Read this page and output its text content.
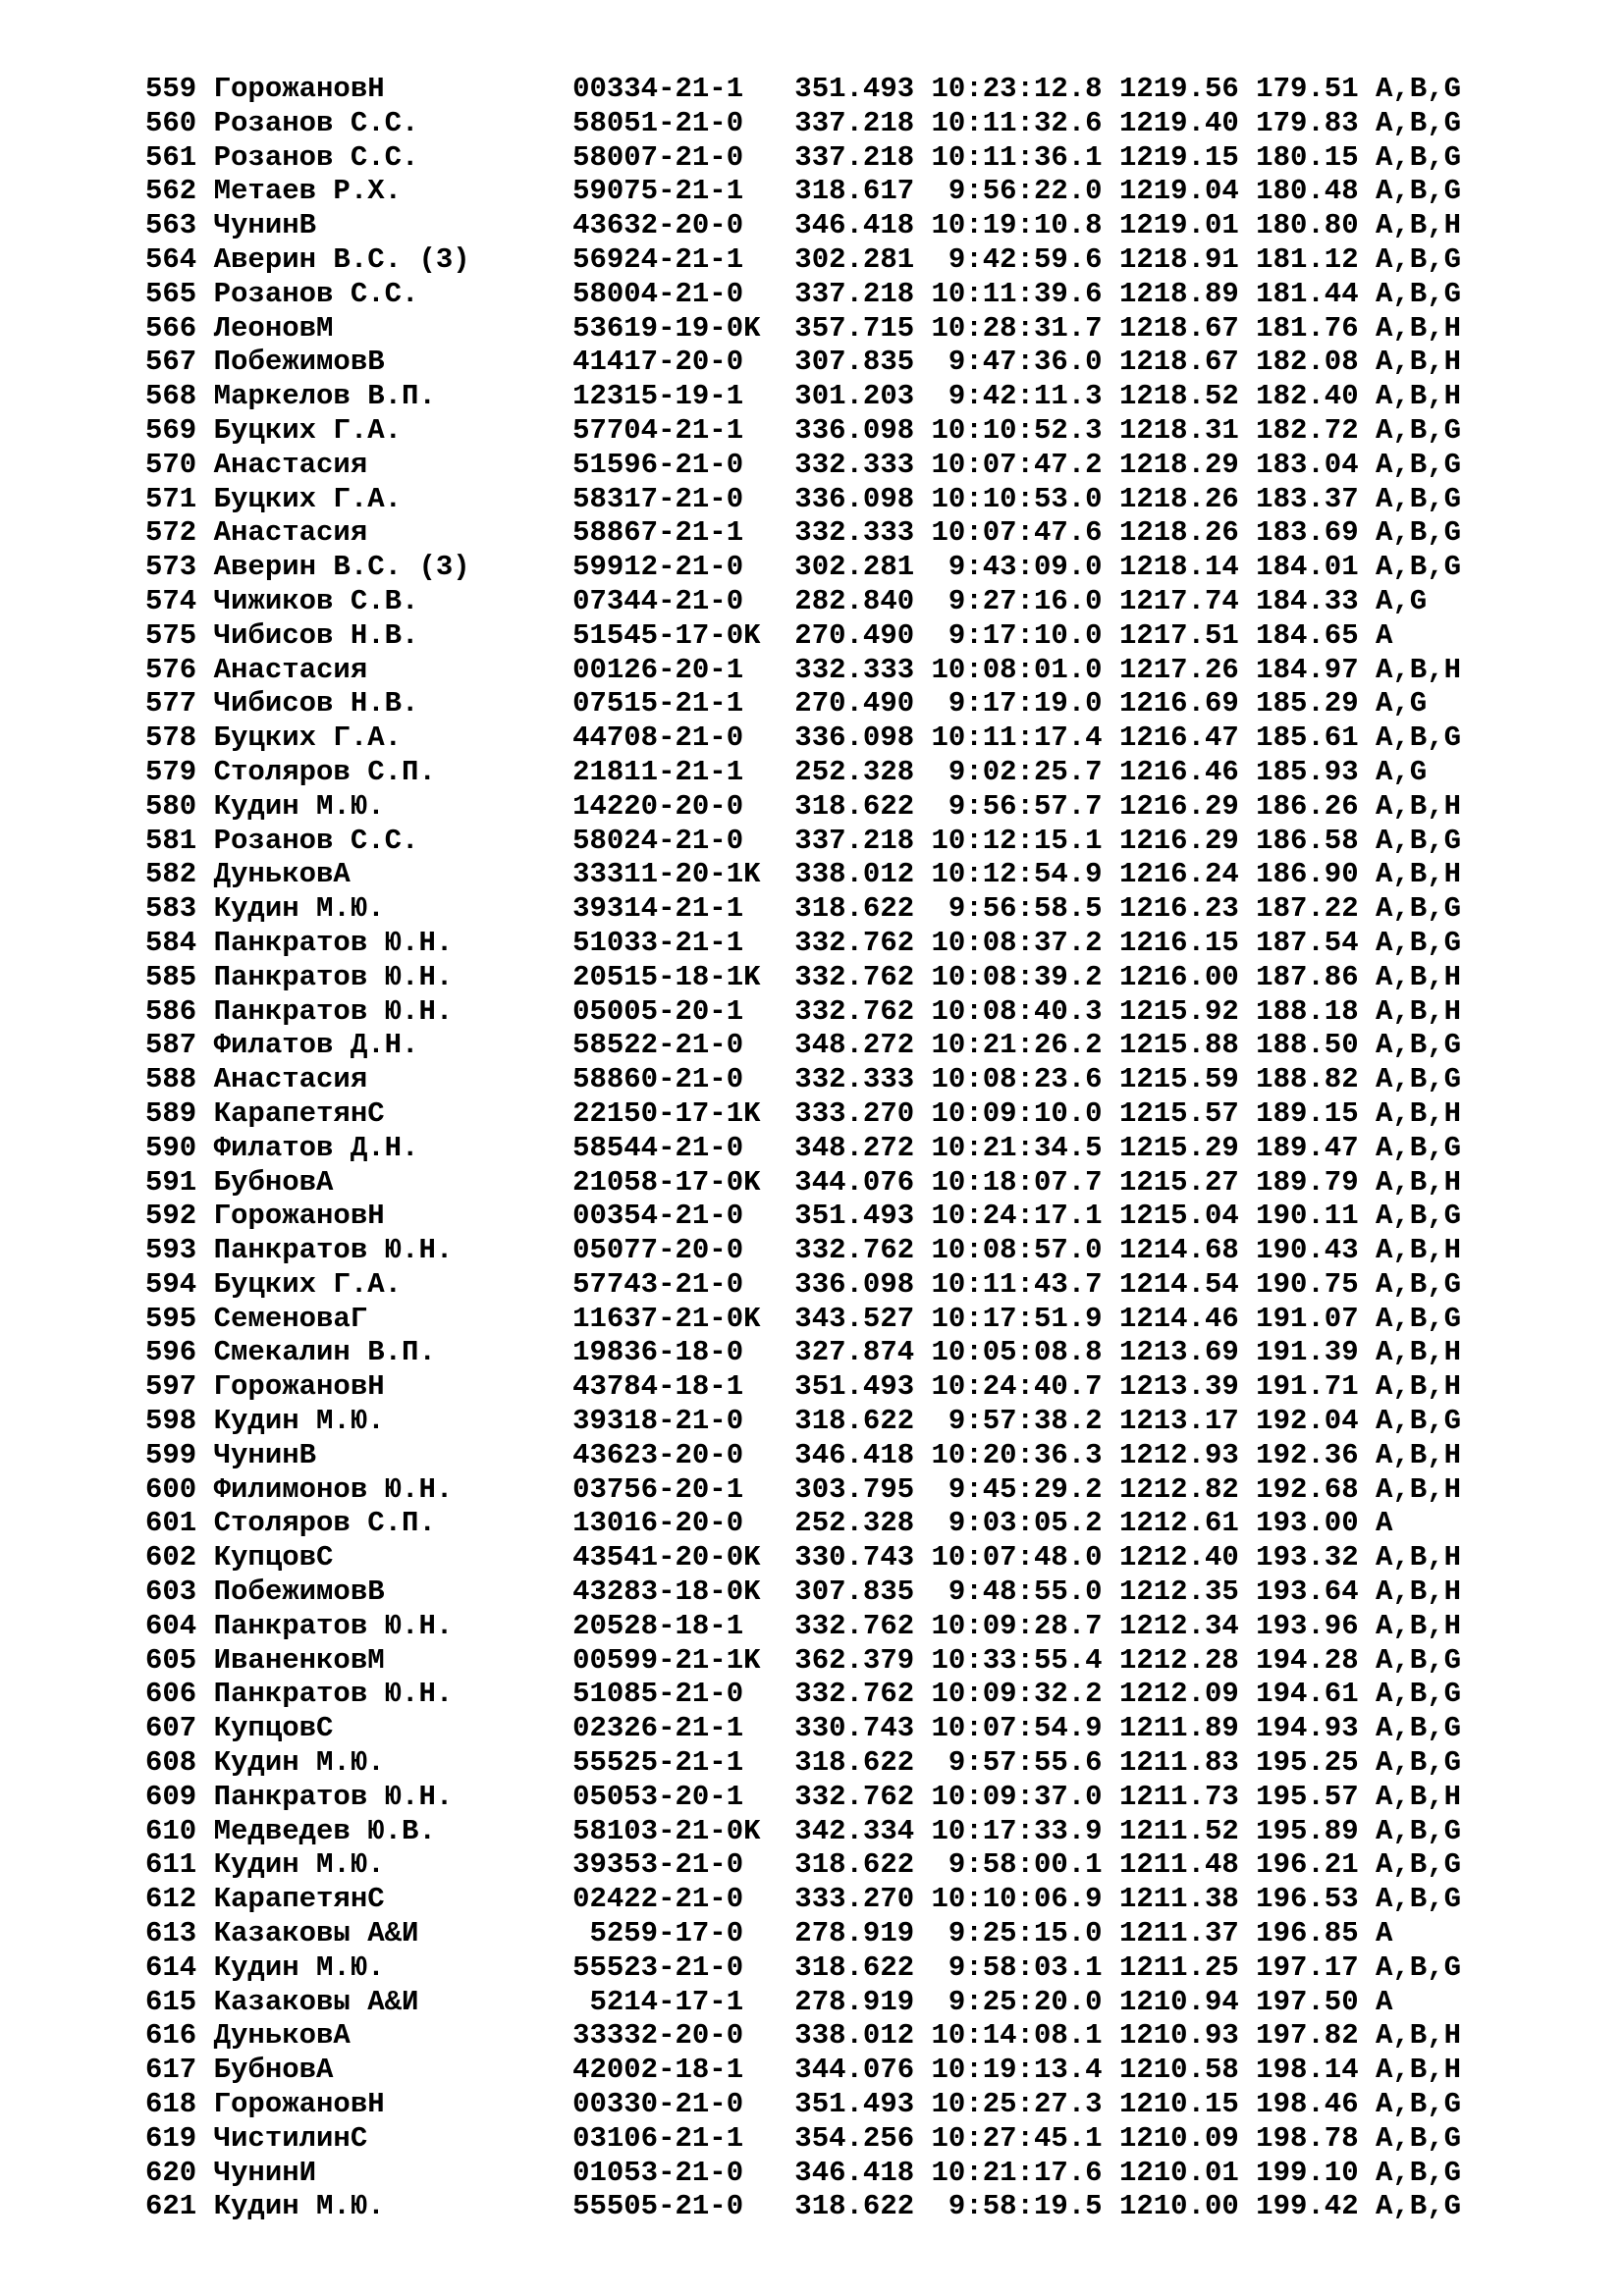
559 ГорожановН           00334-21-1   351.493 10:23:12.8 1219.56 179.51 A,B,G
560 Розанов С.С.         58051-21-0   337.218 10:11:32.6 1219.40 179.83 A,B,G
561 Розанов С.С.         58007-21-0   337.218 10:11:36.1 1219.15 180.15 A,B,G
562 Метаев Р.Х.          59075-21-1   318.617  9:56:22.0 1219.04 180.48 A,B,G
563 ЧунинВ               43632-20-0   346.418 10:19:10.8 1219.01 180.80 A,B,H
564 Аверин В.С. (3)      56924-21-1   302.281  9:42:59.6 1218.91 181.12 A,B,G
565 Розанов С.С.         58004-21-0   337.218 10:11:39.6 1218.89 181.44 A,B,G
566 ЛеоновМ              53619-19-0K  357.715 10:28:31.7 1218.67 181.76 A,B,H
567 ПобежимовВ           41417-20-0   307.835  9:47:36.0 1218.67 182.08 A,B,H
568 Маркелов В.П.        12315-19-1   301.203  9:42:11.3 1218.52 182.40 A,B,H
569 Буцких Г.А.          57704-21-1   336.098 10:10:52.3 1218.31 182.72 A,B,G
570 Анастасия            51596-21-0   332.333 10:07:47.2 1218.29 183.04 A,B,G
571 Буцких Г.А.          58317-21-0   336.098 10:10:53.0 1218.26 183.37 A,B,G
572 Анастасия            58867-21-1   332.333 10:07:47.6 1218.26 183.69 A,B,G
573 Аверин В.С. (3)      59912-21-0   302.281  9:43:09.0 1218.14 184.01 A,B,G
574 Чижиков С.В.         07344-21-0   282.840  9:27:16.0 1217.74 184.33 A,G
575 Чибисов Н.В.         51545-17-0K  270.490  9:17:10.0 1217.51 184.65 A
576 Анастасия            00126-20-1   332.333 10:08:01.0 1217.26 184.97 A,B,H
577 Чибисов Н.В.         07515-21-1   270.490  9:17:19.0 1216.69 185.29 A,G
578 Буцких Г.А.          44708-21-0   336.098 10:11:17.4 1216.47 185.61 A,B,G
579 Столяров С.П.        21811-21-1   252.328  9:02:25.7 1216.46 185.93 A,G
580 Кудин М.Ю.           14220-20-0   318.622  9:56:57.7 1216.29 186.26 A,B,H
581 Розанов С.С.         58024-21-0   337.218 10:12:15.1 1216.29 186.58 A,B,G
582 ДуньковА             33311-20-1K  338.012 10:12:54.9 1216.24 186.90 A,B,H
583 Кудин М.Ю.           39314-21-1   318.622  9:56:58.5 1216.23 187.22 A,B,G
584 Панкратов Ю.Н.       51033-21-1   332.762 10:08:37.2 1216.15 187.54 A,B,G
585 Панкратов Ю.Н.       20515-18-1K  332.762 10:08:39.2 1216.00 187.86 A,B,H
586 Панкратов Ю.Н.       05005-20-1   332.762 10:08:40.3 1215.92 188.18 A,B,H
587 Филатов Д.Н.         58522-21-0   348.272 10:21:26.2 1215.88 188.50 A,B,G
588 Анастасия            58860-21-0   332.333 10:08:23.6 1215.59 188.82 A,B,G
589 КарапетянС           22150-17-1K  333.270 10:09:10.0 1215.57 189.15 A,B,H
590 Филатов Д.Н.         58544-21-0   348.272 10:21:34.5 1215.29 189.47 A,B,G
591 БубновА              21058-17-0K  344.076 10:18:07.7 1215.27 189.79 A,B,H
592 ГорожановН           00354-21-0   351.493 10:24:17.1 1215.04 190.11 A,B,G
593 Панкратов Ю.Н.       05077-20-0   332.762 10:08:57.0 1214.68 190.43 A,B,H
594 Буцких Г.А.          57743-21-0   336.098 10:11:43.7 1214.54 190.75 A,B,G
595 СеменоваГ            11637-21-0K  343.527 10:17:51.9 1214.46 191.07 A,B,G
596 Смекалин В.П.        19836-18-0   327.874 10:05:08.8 1213.69 191.39 A,B,H
597 ГорожановН           43784-18-1   351.493 10:24:40.7 1213.39 191.71 A,B,H
598 Кудин М.Ю.           39318-21-0   318.622  9:57:38.2 1213.17 192.04 A,B,G
599 ЧунинВ               43623-20-0   346.418 10:20:36.3 1212.93 192.36 A,B,H
600 Филимонов Ю.Н.       03756-20-1   303.795  9:45:29.2 1212.82 192.68 A,B,H
601 Столяров С.П.        13016-20-0   252.328  9:03:05.2 1212.61 193.00 A
602 КупцовС              43541-20-0K  330.743 10:07:48.0 1212.40 193.32 A,B,H
603 ПобежимовВ           43283-18-0K  307.835  9:48:55.0 1212.35 193.64 A,B,H
604 Панкратов Ю.Н.       20528-18-1   332.762 10:09:28.7 1212.34 193.96 A,B,H
605 ИваненковМ           00599-21-1K  362.379 10:33:55.4 1212.28 194.28 A,B,G
606 Панкратов Ю.Н.       51085-21-0   332.762 10:09:32.2 1212.09 194.61 A,B,G
607 КупцовС              02326-21-1   330.743 10:07:54.9 1211.89 194.93 A,B,G
608 Кудин М.Ю.           55525-21-1   318.622  9:57:55.6 1211.83 195.25 A,B,G
609 Панкратов Ю.Н.       05053-20-1   332.762 10:09:37.0 1211.73 195.57 A,B,H
610 Медведев Ю.В.        58103-21-0K  342.334 10:17:33.9 1211.52 195.89 A,B,G
611 Кудин М.Ю.           39353-21-0   318.622  9:58:00.1 1211.48 196.21 A,B,G
612 КарапетянС           02422-21-0   333.270 10:10:06.9 1211.38 196.53 A,B,G
613 Казаковы А&И          5259-17-0   278.919  9:25:15.0 1211.37 196.85 A
614 Кудин М.Ю.           55523-21-0   318.622  9:58:03.1 1211.25 197.17 A,B,G
615 Казаковы А&И          5214-17-1   278.919  9:25:20.0 1210.94 197.50 A
616 ДуньковА             33332-20-0   338.012 10:14:08.1 1210.93 197.82 A,B,H
617 БубновА              42002-18-1   344.076 10:19:13.4 1210.58 198.14 A,B,H
618 ГорожановН           00330-21-0   351.493 10:25:27.3 1210.15 198.46 A,B,G
619 ЧистилинС            03106-21-1   354.256 10:27:45.1 1210.09 198.78 A,B,G
620 ЧунинИ               01053-21-0   346.418 10:21:17.6 1210.01 199.10 A,B,G
621 Кудин М.Ю.           55505-21-0   318.622  9:58:19.5 1210.00 199.42 A,B,G
